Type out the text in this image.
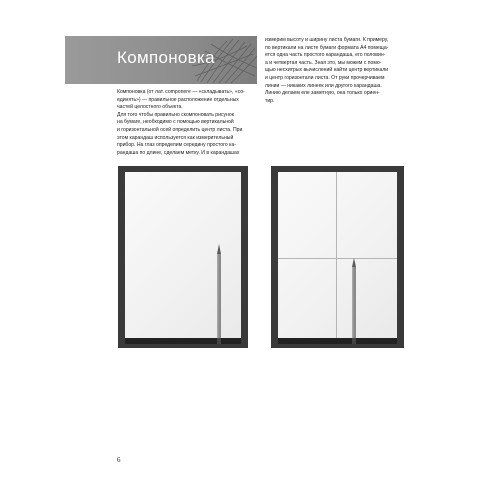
Компоновка

Компоновка (от лат. componere — «складывать», «со-
единять») — правильное расположение отдельных
частей целостного объекта.
Для того чтобы правильно скомпоновать рисунок
на бумаге, необходимо с помощью вертикальной
и горизонтальной осей определить центр листа. При
этом карандаш используется как измерительный
прибор. На глаз определим середину простого ка-
рандаша по длине, сделаем метку. И в карандашах

измерим высоту и ширину листа бумаги. К примеру,
по вертикали на листе бумаги формата А4 помеща-
ется одна часть простого карандаша, его половин-
а и четвертая часть. Зная это, мы можем с помо-
щью несхитрых вычислений найти центр вертикали
и центр горизонтали листа. От руки прочерчиваем
линии — никаких линеек или другого карандаша.
Линию делаем еле заметную, она только ориен-
тир.

6
